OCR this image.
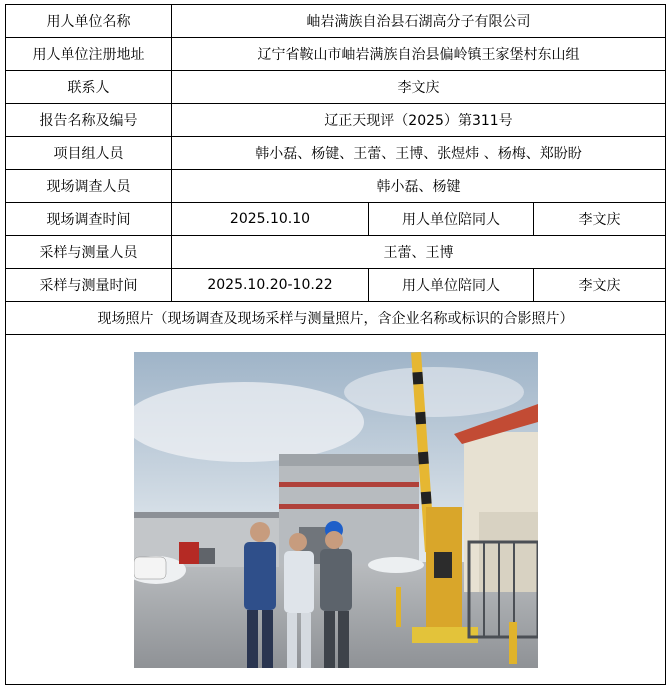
用人单位名称	岫岩满族自治县石湖高分子有限公司		
用人单位注册地址	辽宁省鞍山市岫岩满族自治县偏岭镇王家堡村东山组		
联系人	李文庆		
报告名称及编号	辽正天现评（2025）第311号		
项目组人员	韩小磊、杨键、王蕾、王博、张煜炜 、杨梅、郑盼盼		
现场调查人员	韩小磊、杨键		
现场调查时间	2025.10.10	用人单位陪同人	李文庆
采样与测量人员	王蕾、王博		
采样与测量时间	2025.10.20-10.22	用人单位陪同人	李文庆
现场照片（现场调查及现场采样与测量照片，含企业名称或标识的合影照片）			
